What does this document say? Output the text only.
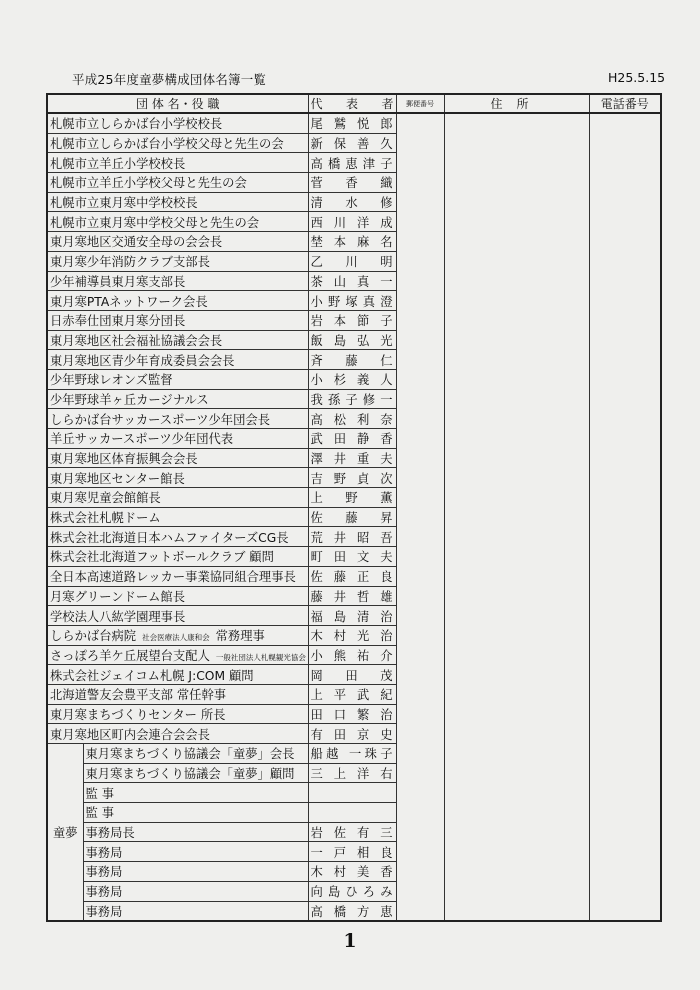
平成25年度童夢構成団体名簿一覧	H25.5.15
団 体 名・役 職		代表者	郵便番号	住所	電話番号
札幌市立しらかば台小学校校長		尾鷲悦郎			
札幌市立しらかば台小学校父母と先生の会		新保善久			
札幌市立羊丘小学校校長		高橋恵津子			
札幌市立羊丘小学校父母と先生の会		菅香織			
札幌市立東月寒中学校校長		清水修			
札幌市立東月寒中学校父母と先生の会		西川洋成			
東月寒地区交通安全母の会会長		埜本麻名			
東月寒少年消防クラブ支部長		乙川明			
少年補導員東月寒支部長		茶山真一			
東月寒PTAネットワーク会長		小野塚真澄			
日赤奉仕団東月寒分団長		岩本節子			
東月寒地区社会福祉協議会会長		飯島弘光			
東月寒地区青少年育成委員会会長		斉藤仁			
少年野球レオンズ監督		小杉義人			
少年野球羊ヶ丘カージナルス		我孫子修一			
しらかば台サッカースポーツ少年団会長		高松利奈			
羊丘サッカースポーツ少年団代表		武田静香			
東月寒地区体育振興会会長		澤井重夫			
東月寒地区センター館長		吉野貞次			
東月寒児童会館館長		上野薫			
株式会社札幌ドーム		佐藤昇			
株式会社北海道日本ハムファイターズCG長		荒井昭吾			
株式会社北海道フットボールクラブ 顧問		町田文夫			
全日本高速道路レッカー事業協同組合理事長		佐藤正良			
月寒グリーンドーム館長		藤井哲雄			
学校法人八紘学園理事長		福島清治			
しらかば台病院 社会医療法人康和会 常務理事		木村光治			
さっぽろ羊ケ丘展望台支配人 一般社団法人札幌観光協会		小熊祐介			
株式会社ジェイコム札幌 J:COM 顧問		岡田茂			
北海道警友会豊平支部 常任幹事		上平武紀			
東月寒まちづくりセンター 所長		田口繁治			
東月寒地区町内会連合会会長		有田京史			
童夢	東月寒まちづくり協議会「童夢」会長	船越 一珠子			
	東月寒まちづくり協議会「童夢」顧問	三上洋右			
	監 事				
	監 事				
	事務局長	岩佐有三			
	事務局	一戸相良			
	事務局	木村美香			
	事務局	向島ひろみ			
	事務局	高橋方恵			
1
